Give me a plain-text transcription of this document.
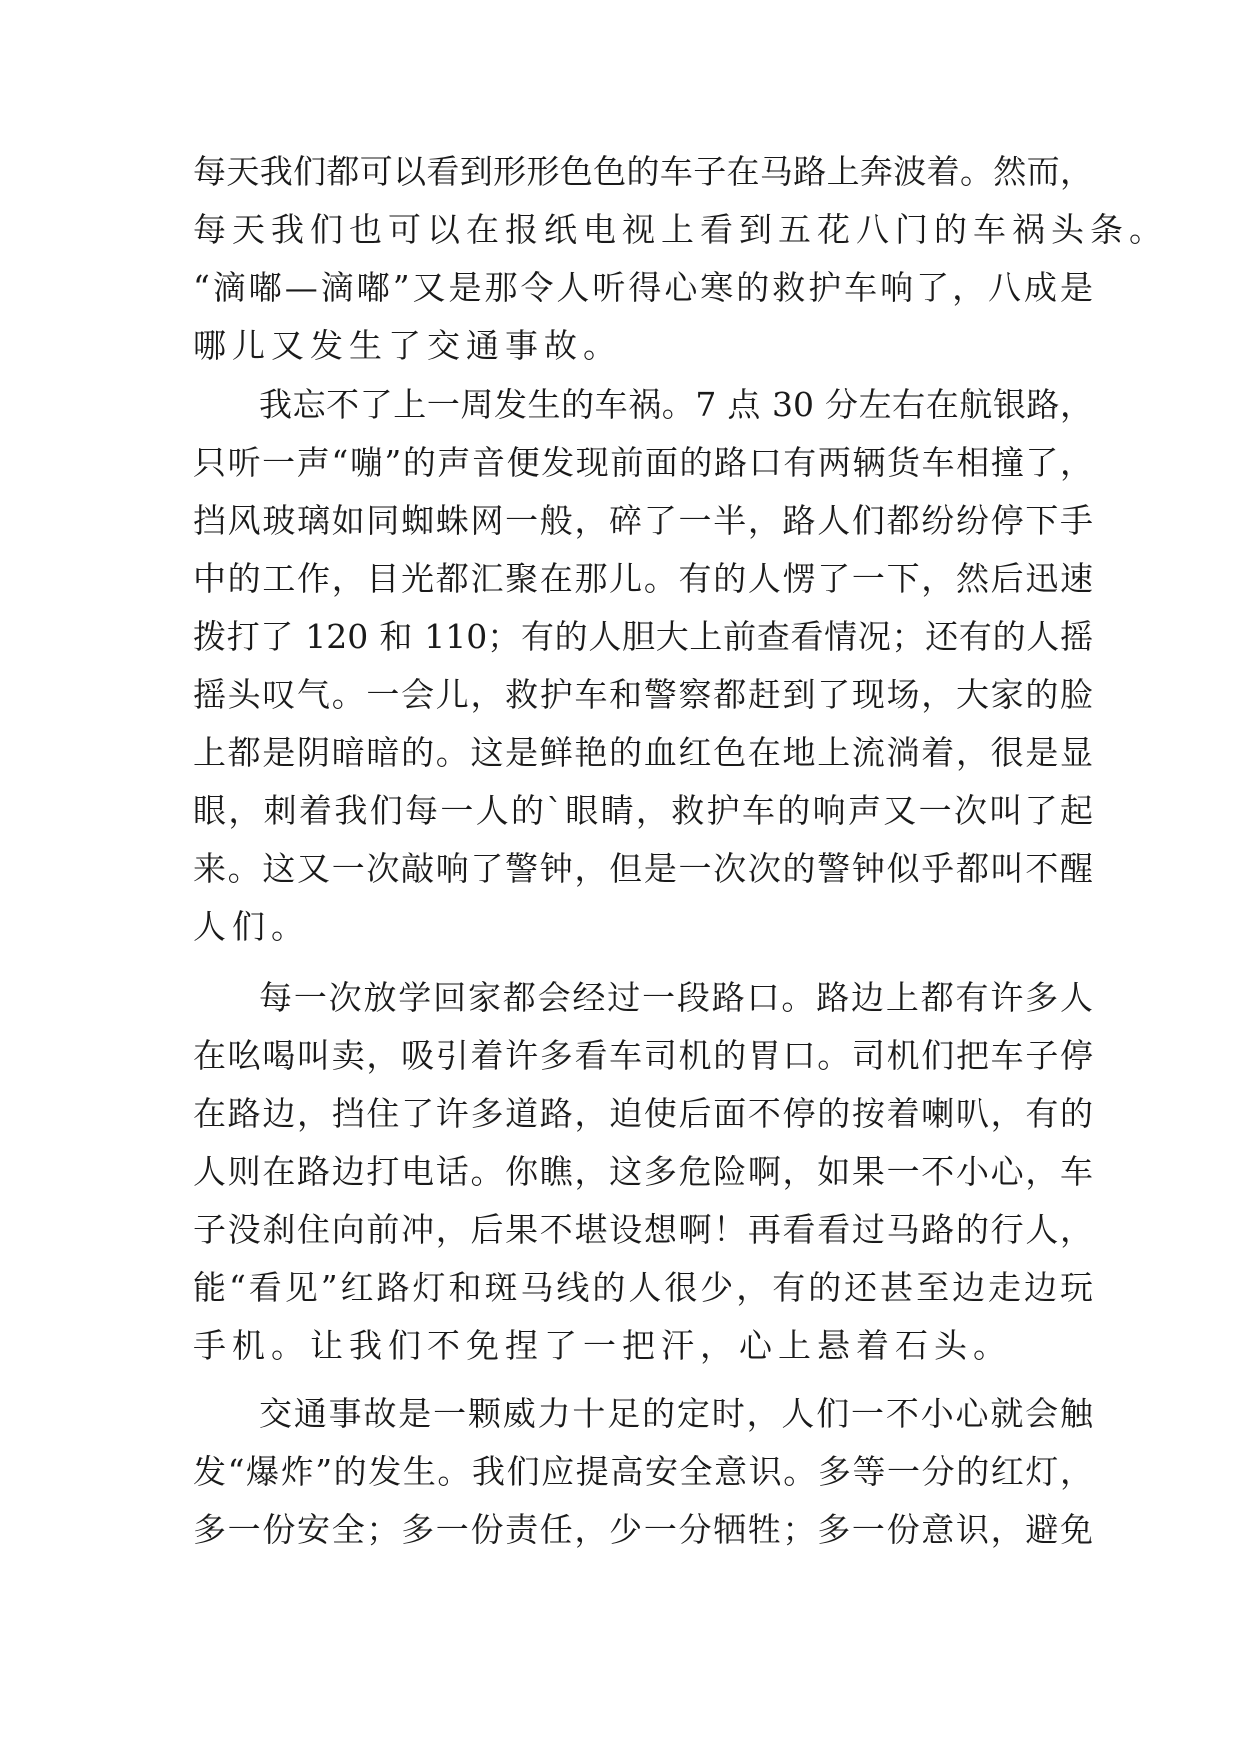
每天我们都可以看到形形色色的车子在马路上奔波着。然而，
每天我们也可以在报纸电视上看到五花八门的车祸头条。
“滴嘟—滴嘟”又是那令人听得心寒的救护车响了，八成是
哪儿又发生了交通事故。
我忘不了上一周发生的车祸。7 点 30 分左右在航银路，
只听一声“嘣”的声音便发现前面的路口有两辆货车相撞了，
挡风玻璃如同蜘蛛网一般，碎了一半，路人们都纷纷停下手
中的工作，目光都汇聚在那儿。有的人愣了一下，然后迅速
拨打了 120 和 110；有的人胆大上前查看情况；还有的人摇
摇头叹气。一会儿，救护车和警察都赶到了现场，大家的脸
上都是阴暗暗的。这是鲜艳的血红色在地上流淌着，很是显
眼，刺着我们每一人的`眼睛，救护车的响声又一次叫了起
来。这又一次敲响了警钟，但是一次次的警钟似乎都叫不醒
人们。
每一次放学回家都会经过一段路口。路边上都有许多人
在吆喝叫卖，吸引着许多看车司机的胃口。司机们把车子停
在路边，挡住了许多道路，迫使后面不停的按着喇叭，有的
人则在路边打电话。你瞧，这多危险啊，如果一不小心，车
子没刹住向前冲，后果不堪设想啊！再看看过马路的行人，
能“看见”红路灯和斑马线的人很少，有的还甚至边走边玩
手机。让我们不免捏了一把汗，心上悬着石头。
交通事故是一颗威力十足的定时，人们一不小心就会触
发“爆炸”的发生。我们应提高安全意识。多等一分的红灯，
多一份安全；多一份责任，少一分牺牲；多一份意识，避免
